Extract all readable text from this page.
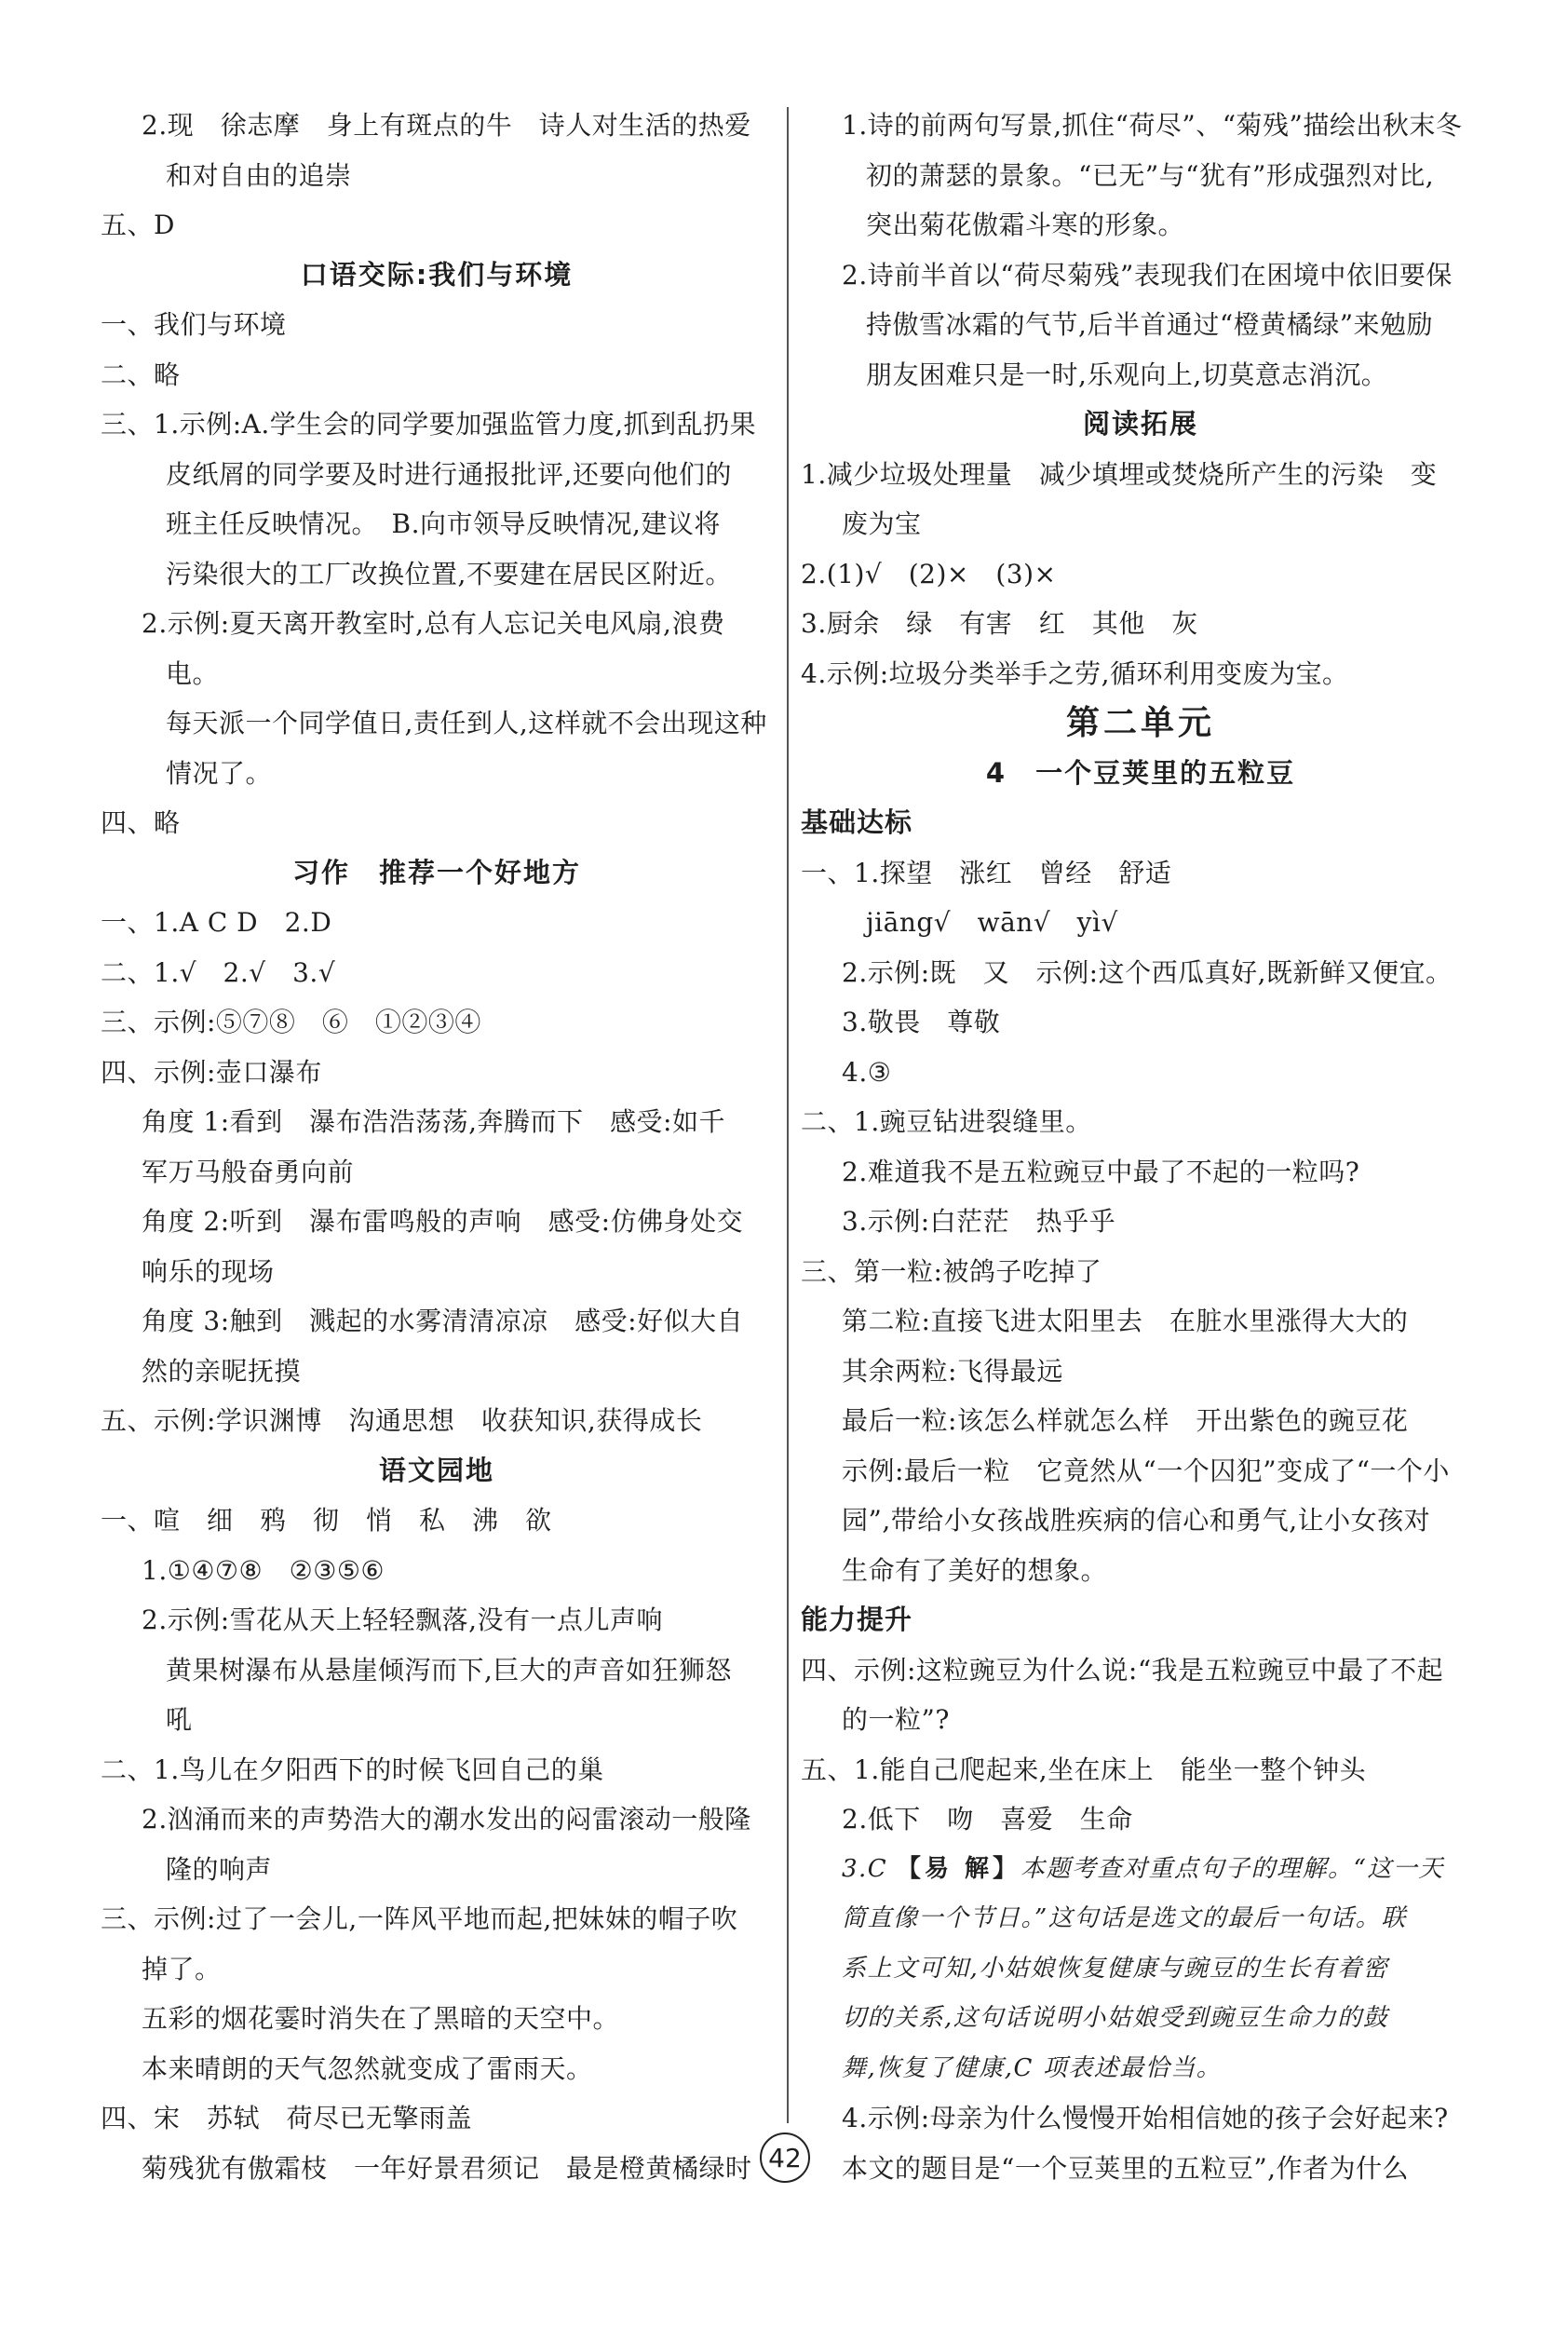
2.现　徐志摩　身上有斑点的牛　诗人对生活的热爱
和对自由的追崇
五、D
口语交际:我们与环境
一、我们与环境
二、略
三、1.示例:A.学生会的同学要加强监管力度,抓到乱扔果
皮纸屑的同学要及时进行通报批评,还要向他们的
班主任反映情况。　B.向市领导反映情况,建议将
污染很大的工厂改换位置,不要建在居民区附近。
2.示例:夏天离开教室时,总有人忘记关电风扇,浪费
电。
每天派一个同学值日,责任到人,这样就不会出现这种
情况了。
四、略
习作　推荐一个好地方
一、1.A C D　2.D
二、1.√　2.√　3.√
三、示例:⑤⑦⑧　⑥　①②③④
四、示例:壶口瀑布
角度 1:看到　瀑布浩浩荡荡,奔腾而下　感受:如千
军万马般奋勇向前
角度 2:听到　瀑布雷鸣般的声响　感受:仿佛身处交
响乐的现场
角度 3:触到　溅起的水雾清清凉凉　感受:好似大自
然的亲昵抚摸
五、示例:学识渊博　沟通思想　收获知识,获得成长
语文园地
一、喧　细　鸦　彻　悄　私　沸　欲
1.①④⑦⑧　②③⑤⑥
2.示例:雪花从天上轻轻飘落,没有一点儿声响
黄果树瀑布从悬崖倾泻而下,巨大的声音如狂狮怒
吼
二、1.鸟儿在夕阳西下的时候飞回自己的巢
2.汹涌而来的声势浩大的潮水发出的闷雷滚动一般隆
隆的响声
三、示例:过了一会儿,一阵风平地而起,把妹妹的帽子吹
掉了。
五彩的烟花霎时消失在了黑暗的天空中。
本来晴朗的天气忽然就变成了雷雨天。
四、宋　苏轼　荷尽已无擎雨盖
菊残犹有傲霜枝　一年好景君须记　最是橙黄橘绿时
1.诗的前两句写景,抓住“荷尽”、“菊残”描绘出秋末冬
初的萧瑟的景象。“已无”与“犹有”形成强烈对比,
突出菊花傲霜斗寒的形象。
2.诗前半首以“荷尽菊残”表现我们在困境中依旧要保
持傲雪冰霜的气节,后半首通过“橙黄橘绿”来勉励
朋友困难只是一时,乐观向上,切莫意志消沉。
阅读拓展
1.减少垃圾处理量　减少填埋或焚烧所产生的污染　变
废为宝
2.(1)√　(2)×　(3)×
3.厨余　绿　有害　红　其他　灰
4.示例:垃圾分类举手之劳,循环利用变废为宝。
第二单元
4　一个豆荚里的五粒豆
基础达标
一、1.探望　涨红　曾经　舒适
jiāng√　wān√　yì√
2.示例:既　又　示例:这个西瓜真好,既新鲜又便宜。
3.敬畏　尊敬
4.③
二、1.豌豆钻进裂缝里。
2.难道我不是五粒豌豆中最了不起的一粒吗?
3.示例:白茫茫　热乎乎
三、第一粒:被鸽子吃掉了
第二粒:直接飞进太阳里去　在脏水里涨得大大的
其余两粒:飞得最远
最后一粒:该怎么样就怎么样　开出紫色的豌豆花
示例:最后一粒　它竟然从“一个囚犯”变成了“一个小
园”,带给小女孩战胜疾病的信心和勇气,让小女孩对
生命有了美好的想象。
能力提升
四、示例:这粒豌豆为什么说:“我是五粒豌豆中最了不起
的一粒”?
五、1.能自己爬起来,坐在床上　能坐一整个钟头
2.低下　吻　喜爱　生命
3.C 【易 解】本题考查对重点句子的理解。“这一天
简直像一个节日。”这句话是选文的最后一句话。联
系上文可知,小姑娘恢复健康与豌豆的生长有着密
切的关系,这句话说明小姑娘受到豌豆生命力的鼓
舞,恢复了健康,C 项表述最恰当。
4.示例:母亲为什么慢慢开始相信她的孩子会好起来?
本文的题目是“一个豆荚里的五粒豆”,作者为什么
42
